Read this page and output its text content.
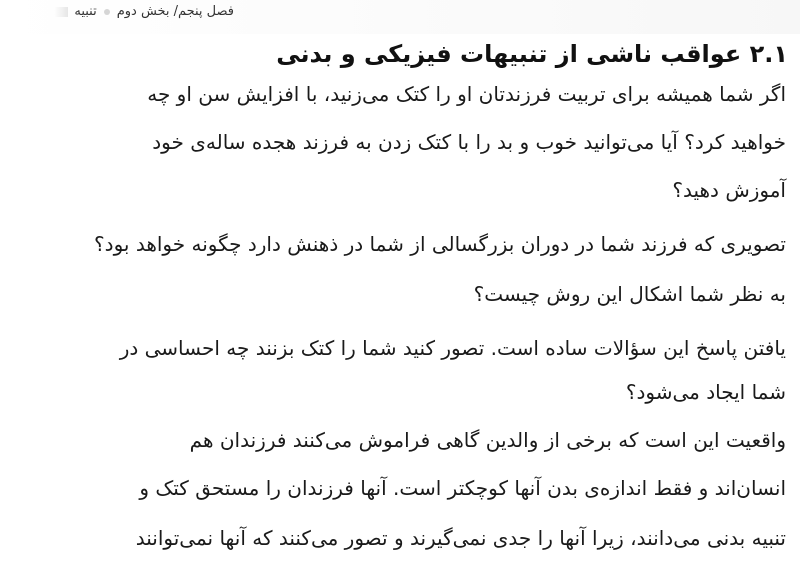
فصل پنجم/
بخش دوم
تنبیه
۲.۱ عواقب ناشی از تنبیهات فیزیکی و بدنی
اگر شما همیشه برای تربیت فرزندتان او را کتک می‌زنید، با افزایش سن او چه
خواهید کرد؟ آیا می‌توانید خوب و بد را با کتک زدن به فرزند هجده ساله‌ی خود
آموزش دهید؟
تصویری که فرزند شما در دوران بزرگسالی از شما در ذهنش دارد چگونه خواهد بود؟
به نظر شما اشکال این روش چیست؟
یافتن پاسخ این سؤالات ساده است. تصور کنید شما را کتک بزنند چه احساسی در
شما ایجاد می‌شود؟
واقعیت این است که برخی از والدین گاهی فراموش می‌کنند فرزندان هم
انسان‌اند و فقط اندازه‌ی بدن آنها کوچکتر است. آنها فرزندان را مستحق کتک و
تنبیه بدنی می‌دانند، زیرا آنها را جدی نمی‌گیرند و تصور می‌کنند که آنها نمی‌توانند
